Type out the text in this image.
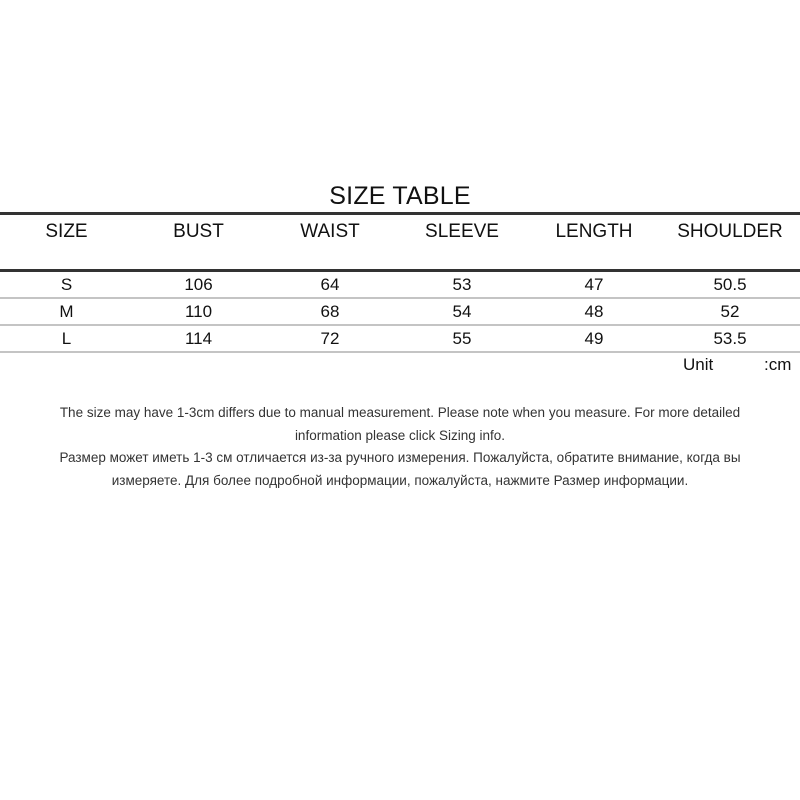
SIZE TABLE
SIZE	BUST	WAIST	SLEEVE	LENGTH	SHOULDER
S	106	64	53	47	50.5
M	110	68	54	48	52
L	114	72	55	49	53.5
Unit	:cm

The size may have 1-3cm differs due to manual measurement. Please note when you measure. For more detailed information please click Sizing info.

Размер может иметь 1-3 см отличается из-за ручного измерения. Пожалуйста, обратите внимание, когда вы измеряете. Для более подробной информации, пожалуйста, нажмите Размер информации.
